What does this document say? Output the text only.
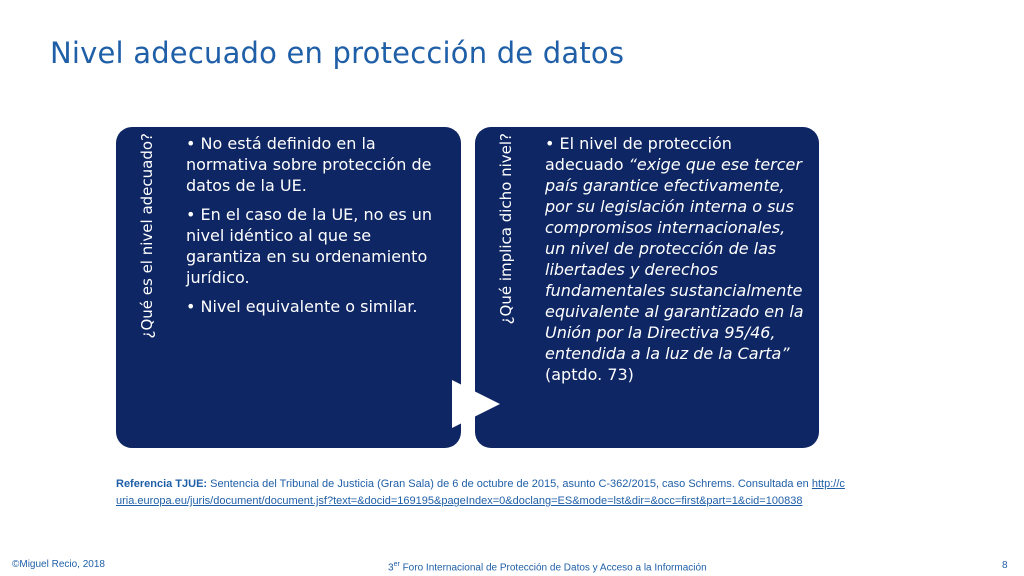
Nivel adecuado en protección de datos
¿Qué es el nivel adecuado? • No está definido en la normativa sobre protección de datos de la UE.

• En el caso de la UE, no es un nivel idéntico al que se garantiza en su ordenamiento jurídico.

• Nivel equivalente o similar.	¿Qué implica dicho nivel? • El nivel de protección adecuado “exige que ese tercer país garantice efectivamente, por su legislación interna o sus compromisos internacionales, un nivel de protección de las libertades y derechos fundamentales sustancialmente equivalente al garantizado en la Unión por la Directiva 95/46, entendida a la luz de la Carta” (aptdo. 73)

Referencia TJUE: Sentencia del Tribunal de Justicia (Gran Sala) de 6 de octubre de 2015, asunto C-362/2015, caso Schrems. Consultada en http://curia.europa.eu/juris/document/document.jsf?text=&docid=169195&pageIndex=0&doclang=ES&mode=lst&dir=&occ=first&part=1&cid=100838
©Miguel Recio, 2018	3er Foro Internacional de Protección de Datos y Acceso a la Información	8
